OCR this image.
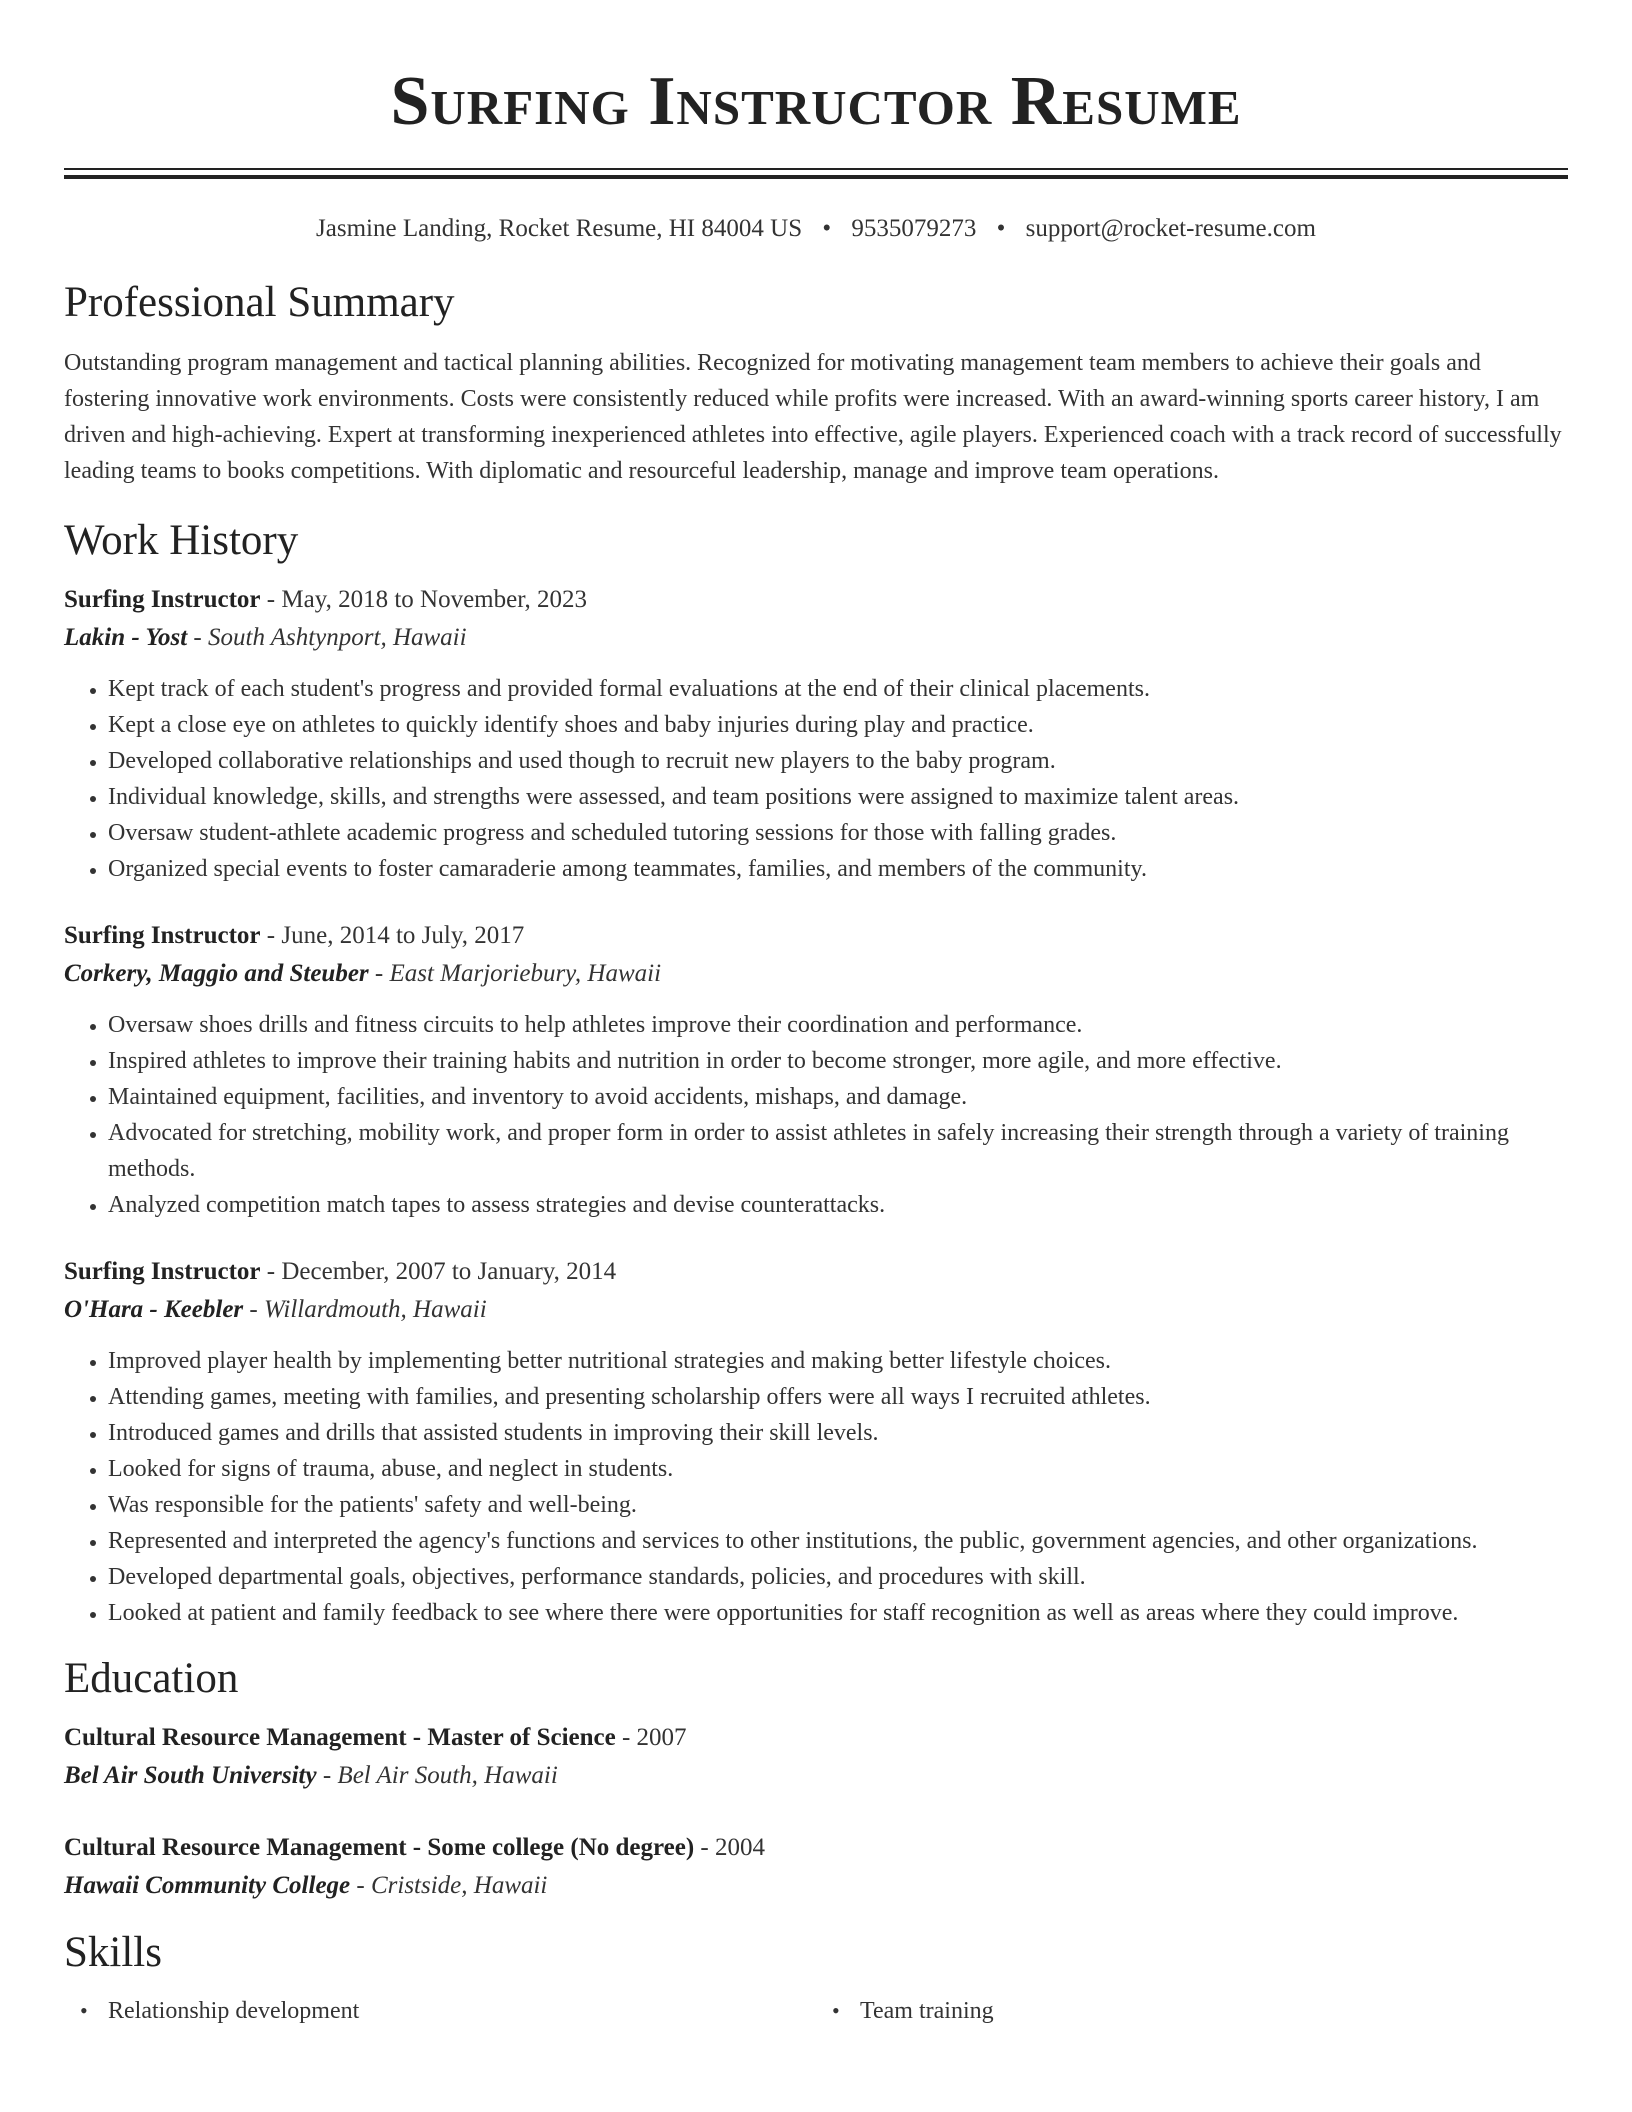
Surfing Instructor Resume
Jasmine Landing, Rocket Resume, HI 84004 US • 9535079273 • support@rocket-resume.com
Professional Summary
Outstanding program management and tactical planning abilities. Recognized for motivating management team members to achieve their goals and fostering innovative work environments. Costs were consistently reduced while profits were increased. With an award-winning sports career history, I am driven and high-achieving. Expert at transforming inexperienced athletes into effective, agile players. Experienced coach with a track record of successfully leading teams to books competitions. With diplomatic and resourceful leadership, manage and improve team operations.
Work History
Surfing Instructor - May, 2018 to November, 2023
Lakin - Yost - South Ashtynport, Hawaii
• Kept track of each student's progress and provided formal evaluations at the end of their clinical placements.
• Kept a close eye on athletes to quickly identify shoes and baby injuries during play and practice.
• Developed collaborative relationships and used though to recruit new players to the baby program.
• Individual knowledge, skills, and strengths were assessed, and team positions were assigned to maximize talent areas.
• Oversaw student-athlete academic progress and scheduled tutoring sessions for those with falling grades.
• Organized special events to foster camaraderie among teammates, families, and members of the community.
Surfing Instructor - June, 2014 to July, 2017
Corkery, Maggio and Steuber - East Marjoriebury, Hawaii
• Oversaw shoes drills and fitness circuits to help athletes improve their coordination and performance.
• Inspired athletes to improve their training habits and nutrition in order to become stronger, more agile, and more effective.
• Maintained equipment, facilities, and inventory to avoid accidents, mishaps, and damage.
• Advocated for stretching, mobility work, and proper form in order to assist athletes in safely increasing their strength through a variety of training methods.
• Analyzed competition match tapes to assess strategies and devise counterattacks.
Surfing Instructor - December, 2007 to January, 2014
O'Hara - Keebler - Willardmouth, Hawaii
• Improved player health by implementing better nutritional strategies and making better lifestyle choices.
• Attending games, meeting with families, and presenting scholarship offers were all ways I recruited athletes.
• Introduced games and drills that assisted students in improving their skill levels.
• Looked for signs of trauma, abuse, and neglect in students.
• Was responsible for the patients' safety and well-being.
• Represented and interpreted the agency's functions and services to other institutions, the public, government agencies, and other organizations.
• Developed departmental goals, objectives, performance standards, policies, and procedures with skill.
• Looked at patient and family feedback to see where there were opportunities for staff recognition as well as areas where they could improve.
Education
Cultural Resource Management - Master of Science - 2007
Bel Air South University - Bel Air South, Hawaii
Cultural Resource Management - Some college (No degree) - 2004
Hawaii Community College - Cristside, Hawaii
Skills
• Relationship development
•	Team training
